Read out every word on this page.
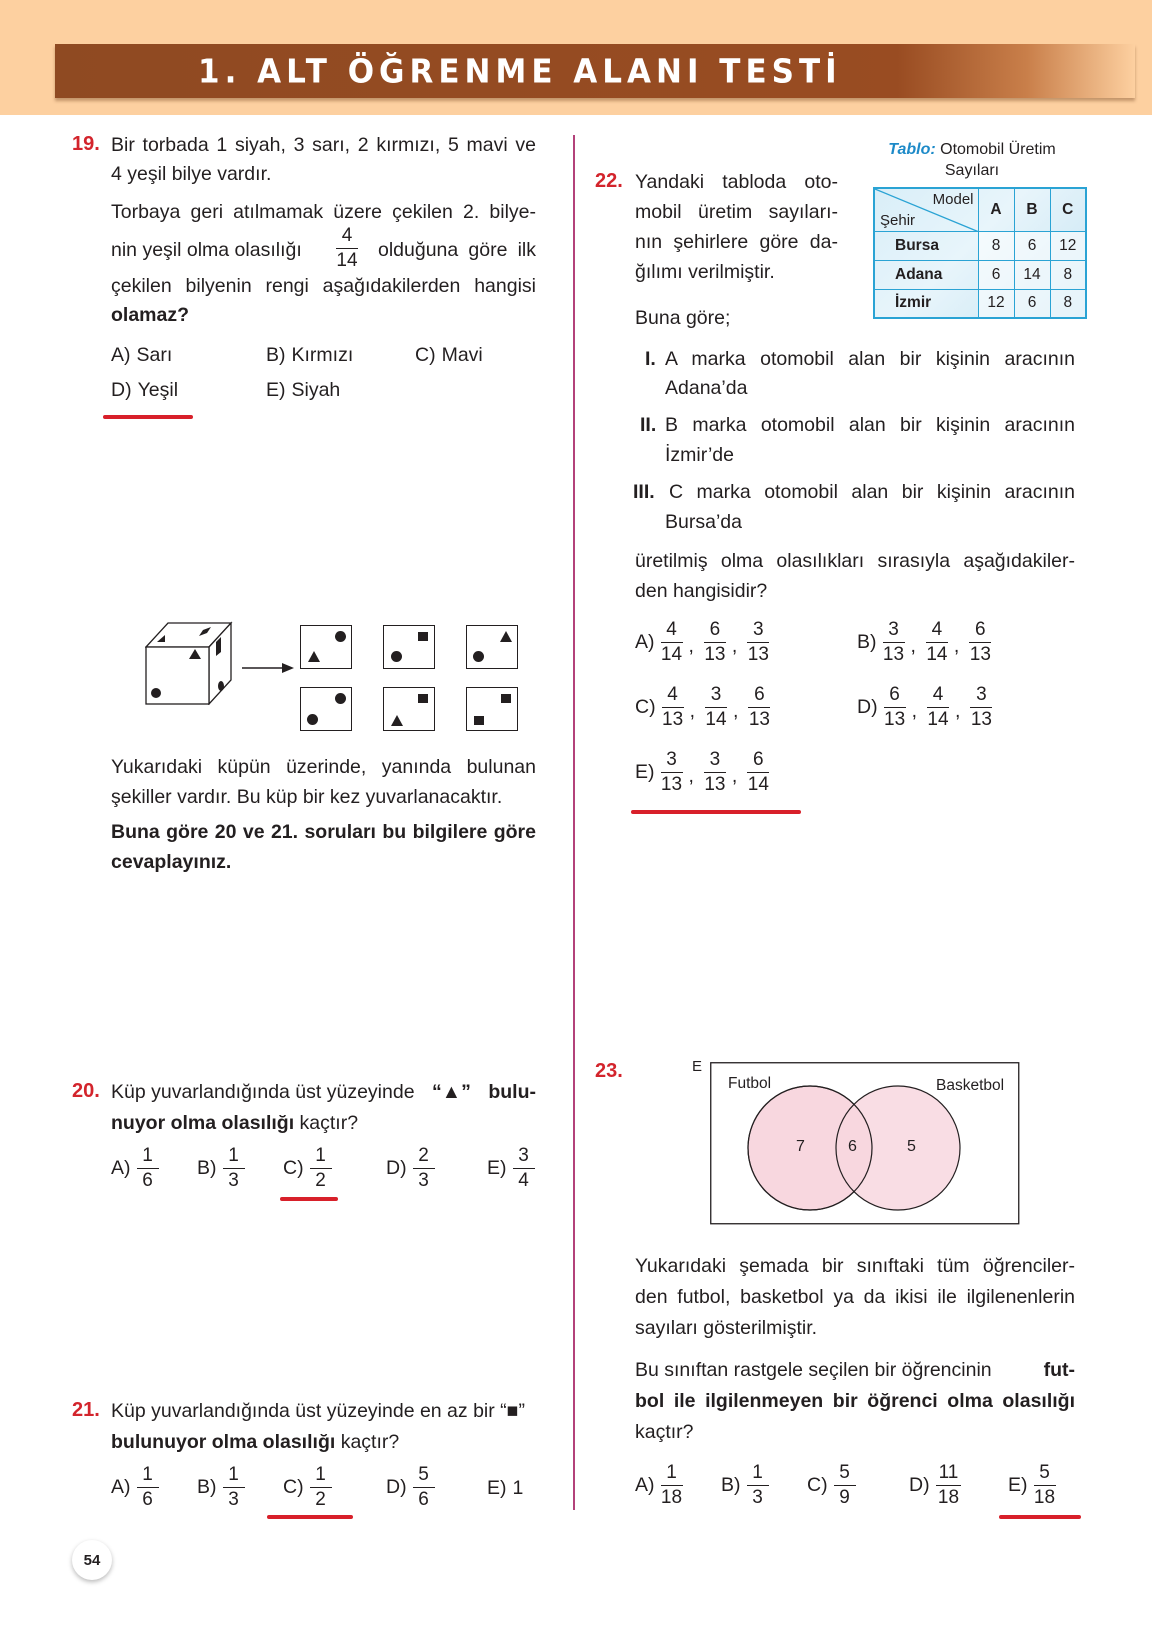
1. ALT ÖĞRENME ALANI TESTİ
19. Bir torbada 1 siyah, 3 sarı, 2 kırmızı, 5 mavi ve
4 yeşil bilye vardır.
Torbaya geri atılmamak üzere çekilen 2. bilye-
nin yeşil olma olasılığı $\frac{4}{14}$ olduğuna göre ilk
çekilen bilyenin rengi aşağıdakilerden hangisi
olamaz?
A) Sarı	B) Kırmızı	C) Mavi
D) Yeşil	E) Siyah
Yukarıdaki küpün üzerinde, yanında bulunan
şekiller vardır. Bu küp bir kez yuvarlanacaktır.
Buna göre 20 ve 21. soruları bu bilgilere göre
cevaplayınız.
20. Küp yuvarlandığında üst yüzeyinde “▲” bulu-
nuyor olma olasılığı kaçtır?
$A) \frac{1}{6} B) \frac{1}{3} C) \frac{1}{2}$	$D) \frac{2}{3}$	$E) \frac{3}{4}$
21. Küp yuvarlandığında üst yüzeyinde en az bir “■”
bulunuyor olma olasılığı kaçtır?
$A) \frac{1}{6} B) \frac{1}{3} C) \frac{1}{2}$	$D) \frac{5}{6}$	E) 1
Tablo: Otomobil Üretim
Sayıları
Model
Şehir	A	B	C
Bursa	8	6	12
Adana	6	14	8
İzmir	12	6	8
22. Yandaki tabloda oto-
mobil üretim sayıları-
nın şehirlere göre da-
ğılımı verilmiştir.
Buna göre;
I. A marka otomobil alan bir kişinin aracının
Adana’da
II. B marka otomobil alan bir kişinin aracının
İzmir’de
III. C marka otomobil alan bir kişinin aracının
Bursa’da
üretilmiş olma olasılıkları sırasıyla aşağıdakiler-
den hangisidir?
$A) \frac{4}{14}$ , $\frac{6}{13}$ , $\frac{3}{13}$	$B) \frac{3}{13}$ , $\frac{4}{14}$ , $\frac{6}{13}$
$C) \frac{4}{13}$ , $\frac{3}{14}$ , $\frac{6}{13}$	$D) \frac{6}{13}$ , $\frac{4}{14}$ , $\frac{3}{13}$
$E) \frac{3}{13}$ , $\frac{3}{13}$ , $\frac{6}{14}$
23.	E
Futbol	Basketbol
7	6	5
Yukarıdaki şemada bir sınıftaki tüm öğrenciler-
den futbol, basketbol ya da ikisi ile ilgilenenlerin
sayıları gösterilmiştir.
Bu sınıftan rastgele seçilen bir öğrencinin	fut-
bol ile ilgilenmeyen bir öğrenci olma olasılığı
kaçtır?
$A) \frac{1}{18} B) \frac{1}{3} C) \frac{5}{9}$	$D) \frac{11}{18} E) \frac{5}{18}$
54
